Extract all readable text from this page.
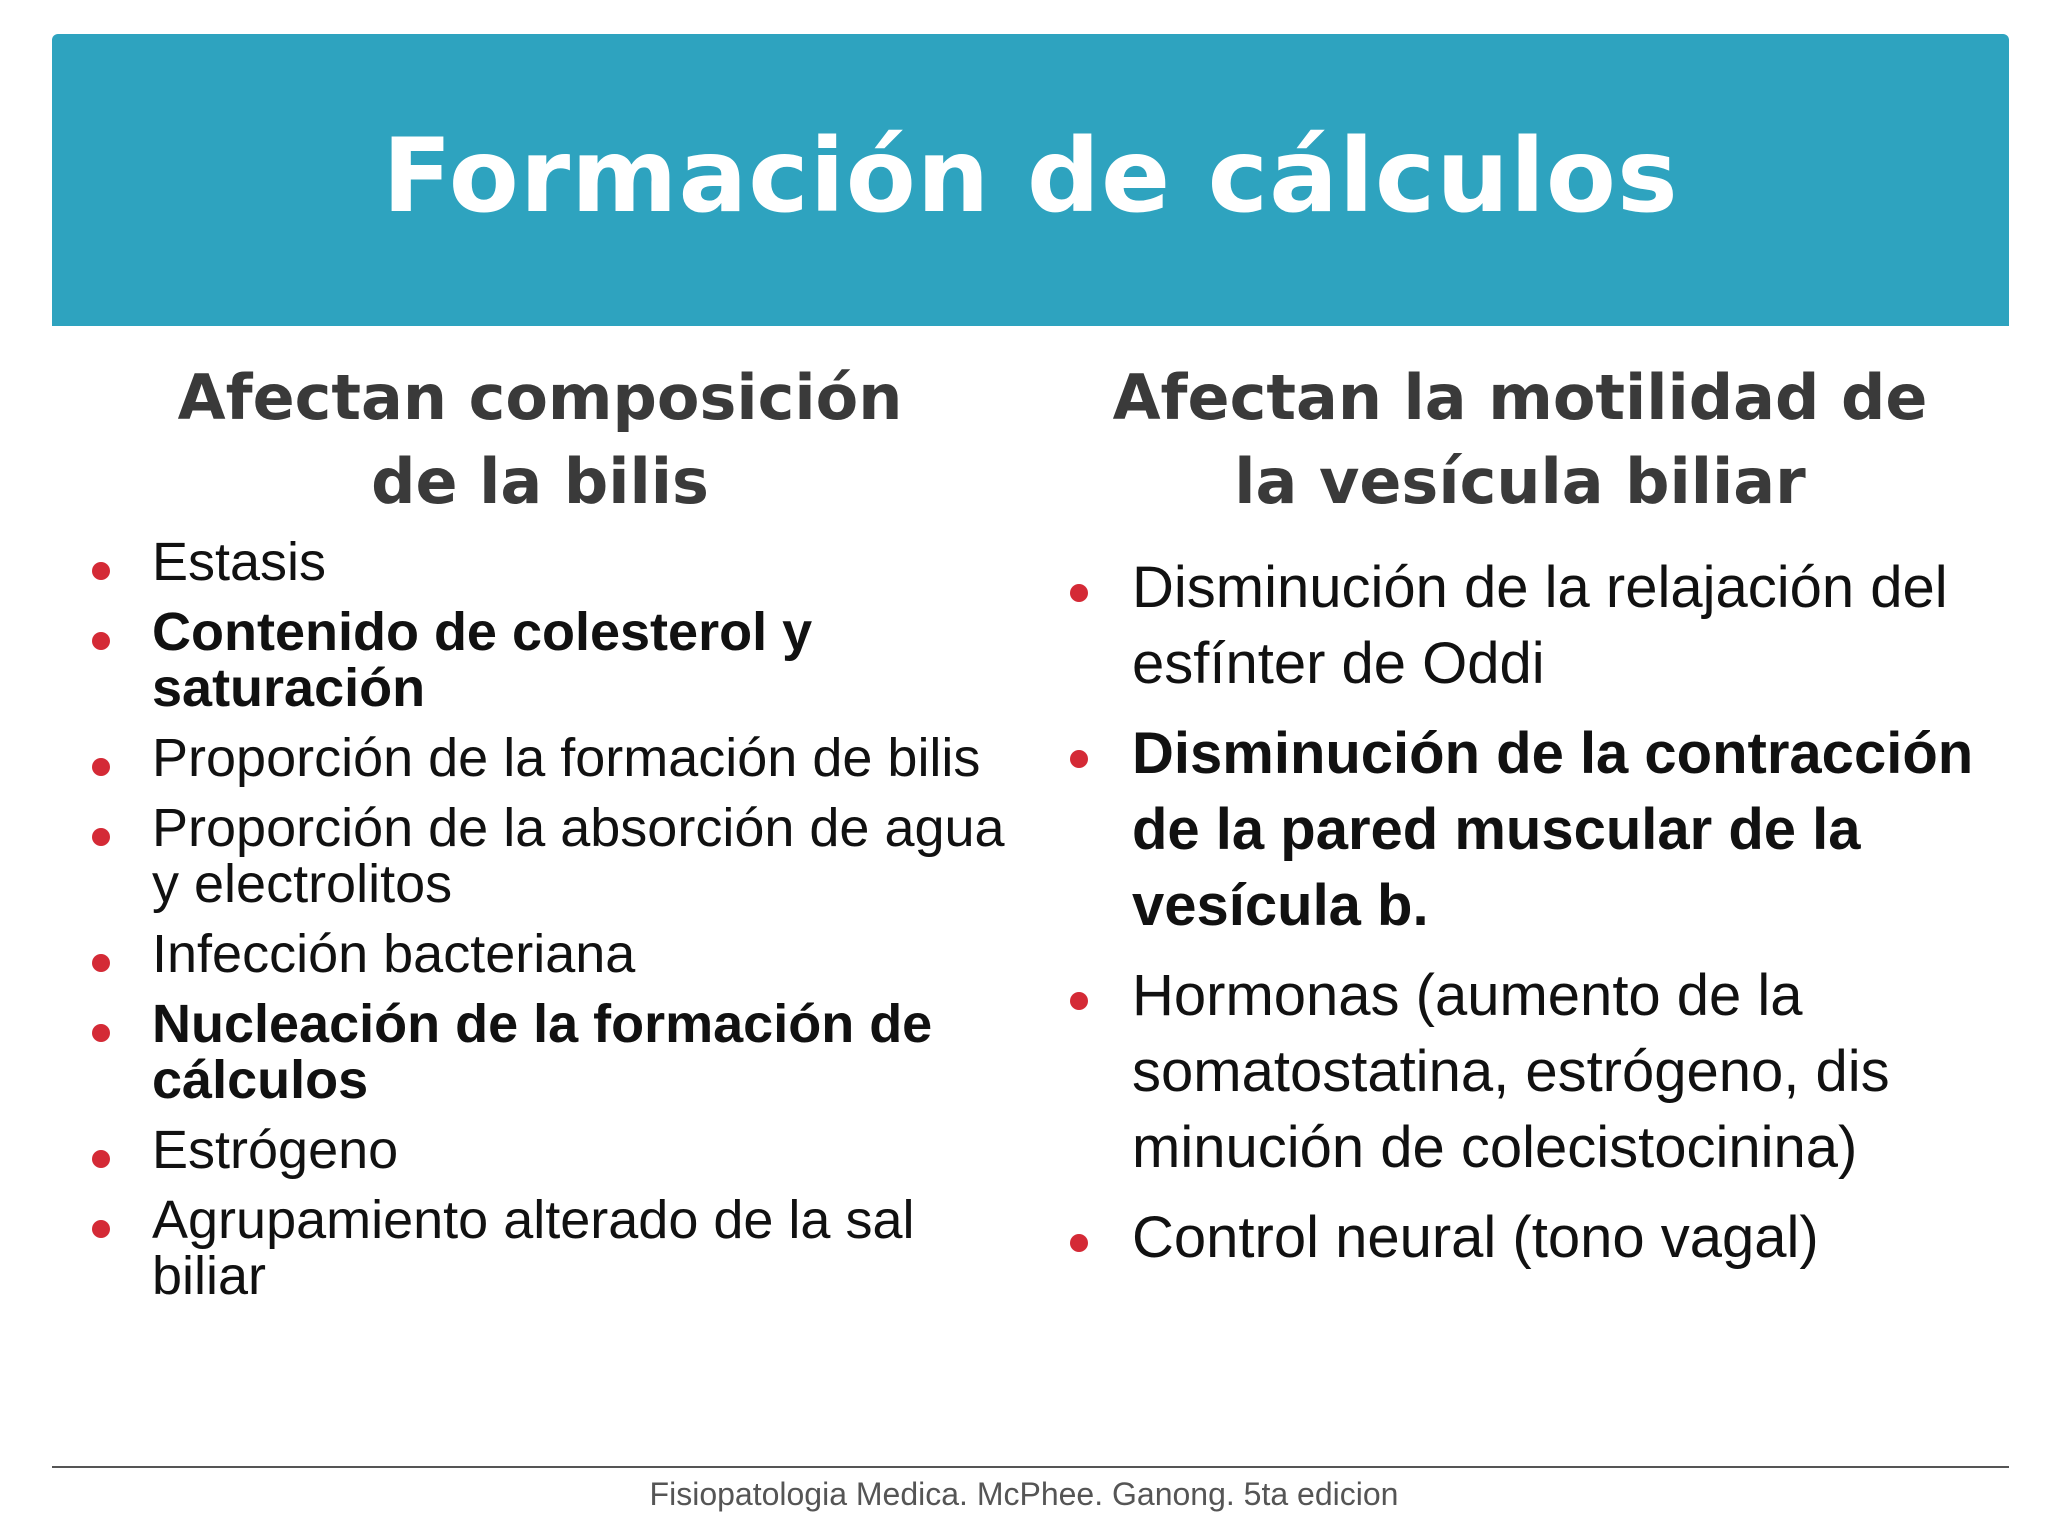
Formación de cálculos
Afectan composición
de la bilis
Afectan la motilidad de
la vesícula biliar
Estasis
Contenido de colesterol y saturación
Proporción de la formación de bilis
Proporción de la absorción de agua y electrolitos
Infección bacteriana
Nucleación de la formación de cálculos
Estrógeno
Agrupamiento alterado de la sal biliar
Disminución de la relajación del esfínter de Oddi
Disminución de la contracción de la pared muscular de la vesícula b.
Hormonas (aumento de la somatostatina, estrógeno, dis minución de colecistocinina)
Control neural (tono vagal)
Fisiopatologia Medica. McPhee. Ganong. 5ta edicion
